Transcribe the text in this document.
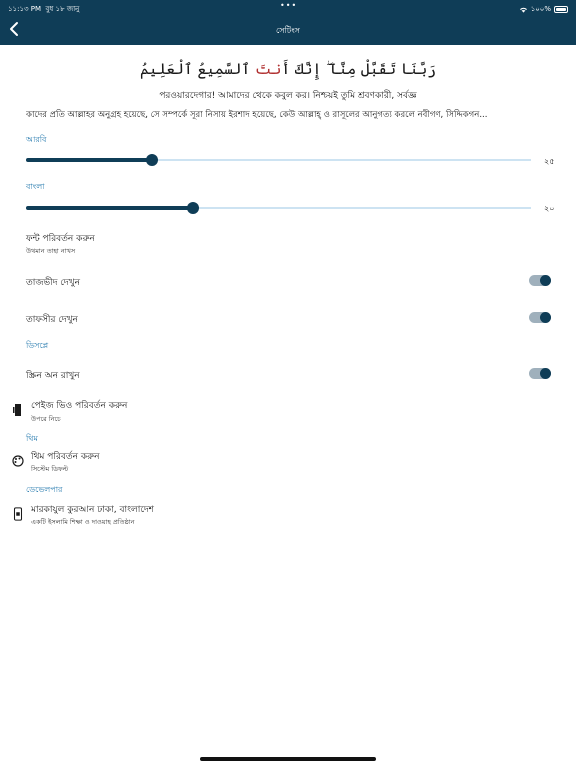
১১:১৩ PM বুধ ১৮ জানু	•••	১০০%
সেটিংস
رَبَّنَا تَقَبَّلْ مِنَّآ ۖ إِنَّكَ أَنتَ ٱلسَّمِيعُ ٱلْعَلِيمُ
পরওয়ারদেগার! আমাদের থেকে কবুল কর। নিশ্চয়ই তুমি শ্রবণকারী, সর্বজ্ঞ
কাদের প্রতি আল্লাহর অনুগ্রহ হয়েছে, সে সম্পর্কে সূরা নিসায় ইরশাদ হয়েছে, কেউ আল্লাহ্‌ ও রাসূলের আনুগত্য করলে নবীগণ, সিদ্দিকগন...
আরবি
২৫
বাংলা
২০
ফন্ট পরিবর্তন করুন
উথমান তাহা নাখস
তাজভীদ দেখুন
তাফসীর দেখুন
ডিসপ্লে
স্ক্রিন অন রাখুন
পেইজ ভিও পরিবর্তন করুন
উপরে নিচে
থিম
থিম পরিবর্তন করুন
সিস্টেম ডিফল্ট
ডেভেলপার
মারকাযুল কুরআন ঢাকা, বাংলাদেশ
একটি ইসলামি শিক্ষা ও দাওয়াহ প্রতিষ্ঠান
